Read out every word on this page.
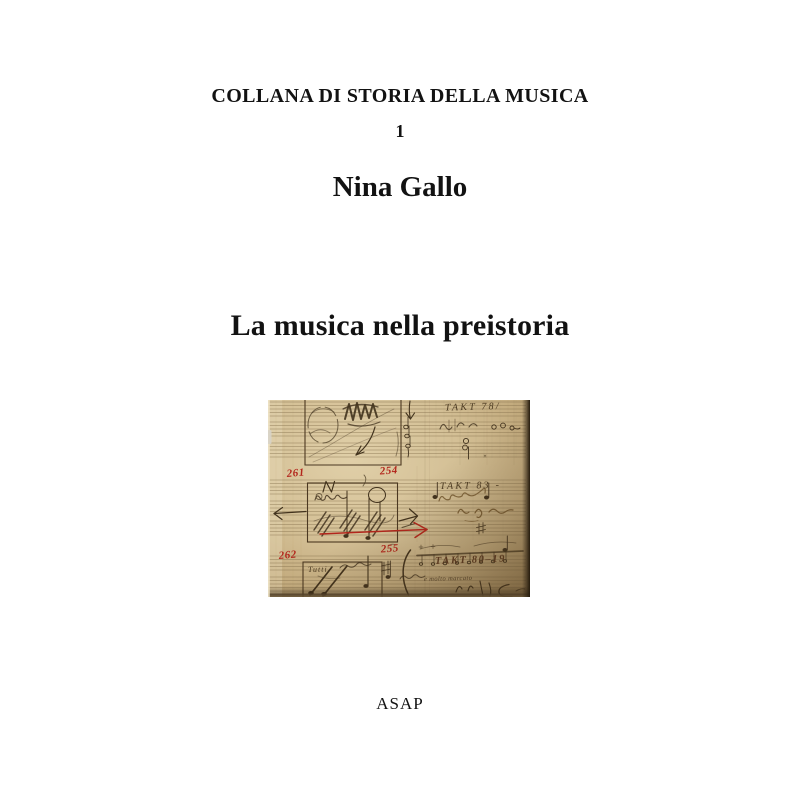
COLLANA DI STORIA DELLA MUSICA
1
Nina Gallo
La musica nella preistoria
ASAP
